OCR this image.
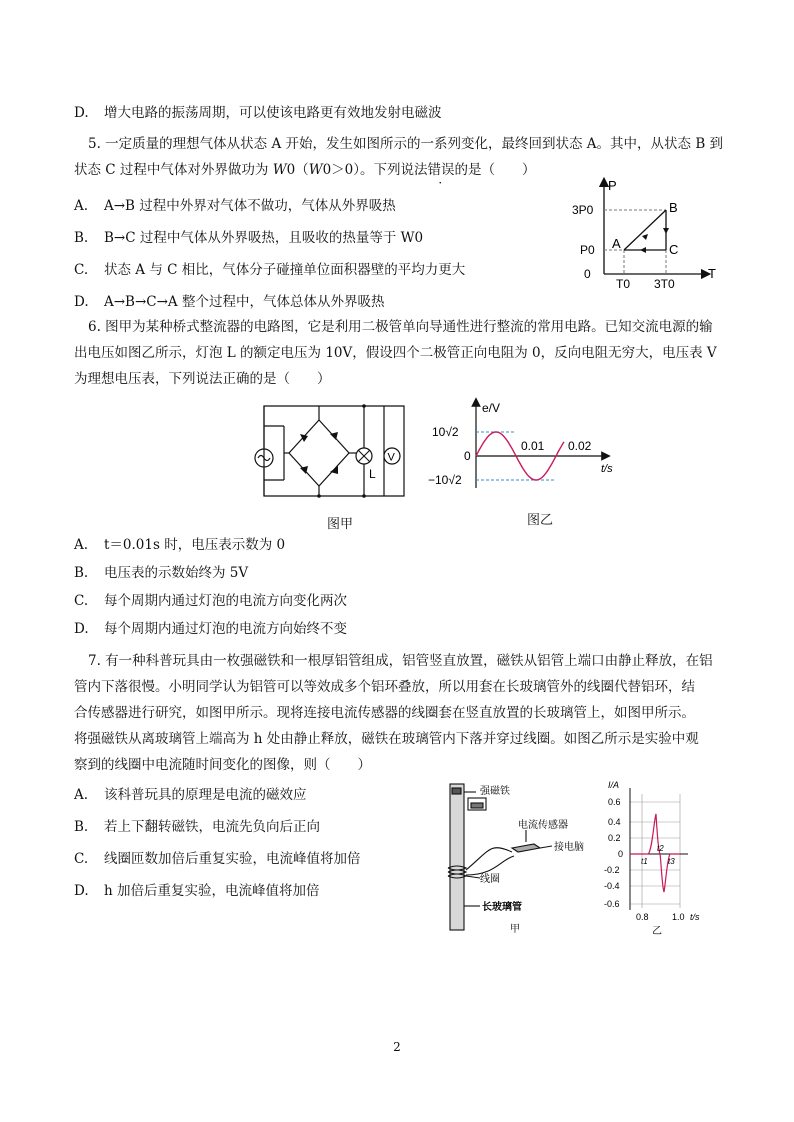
D. 增大电路的振荡周期，可以使该电路更有效地发射电磁波
5. 一定质量的理想气体从状态 A 开始，发生如图所示的一系列变化，最终回到状态 A。其中，从状态 B 到
状态 C 过程中气体对外界做功为 W0（W0＞0）。下列说法错误的是（　　）
A. A→B 过程中外界对气体不做功，气体从外界吸热
B. B→C 过程中气体从外界吸热，且吸收的热量等于 W0
C. 状态 A 与 C 相比，气体分子碰撞单位面积器壁的平均力更大
D. A→B→C→A 整个过程中，气体总体从外界吸热
P
T
3P0
P0
T0 3T0
0
A
B
C
6. 图甲为某种桥式整流器的电路图，它是利用二极管单向导通性进行整流的常用电路。已知交流电源的输
出电压如图乙所示，灯泡 L 的额定电压为 10V，假设四个二极管正向电阻为 0，反向电阻无穷大，电压表 V
为理想电压表，下列说法正确的是（　　）
L
V
图甲
10√2
−10√2
0
0.01 0.02
e/V
t/s
图乙
A. t＝0.01s 时，电压表示数为 0
B. 电压表的示数始终为 5V
C. 每个周期内通过灯泡的电流方向变化两次
D. 每个周期内通过灯泡的电流方向始终不变
7. 有一种科普玩具由一枚强磁铁和一根厚铝管组成，铝管竖直放置，磁铁从铝管上端口由静止释放，在铝
管内下落很慢。小明同学认为铝管可以等效成多个铝环叠放，所以用套在长玻璃管外的线圈代替铝环，结
合传感器进行研究，如图甲所示。现将连接电流传感器的线圈套在竖直放置的长玻璃管上，如图甲所示。
将强磁铁从离玻璃管上端高为 h 处由静止释放，磁铁在玻璃管内下落并穿过线圈。如图乙所示是实验中观
察到的线圈中电流随时间变化的图像，则（　　）
A. 该科普玩具的原理是电流的磁效应
B. 若上下翻转磁铁，电流先负向后正向
C. 线圈匝数加倍后重复实验，电流峰值将加倍
D. h 加倍后重复实验，电流峰值将加倍
强磁铁
电流传感器
接电脑
线圈
长玻璃管
甲
I/A
0.6
0.4
0.2
0
-0.2
-0.4
-0.6
0.8	1.0 t/s
t1
t2
t3
乙
2
